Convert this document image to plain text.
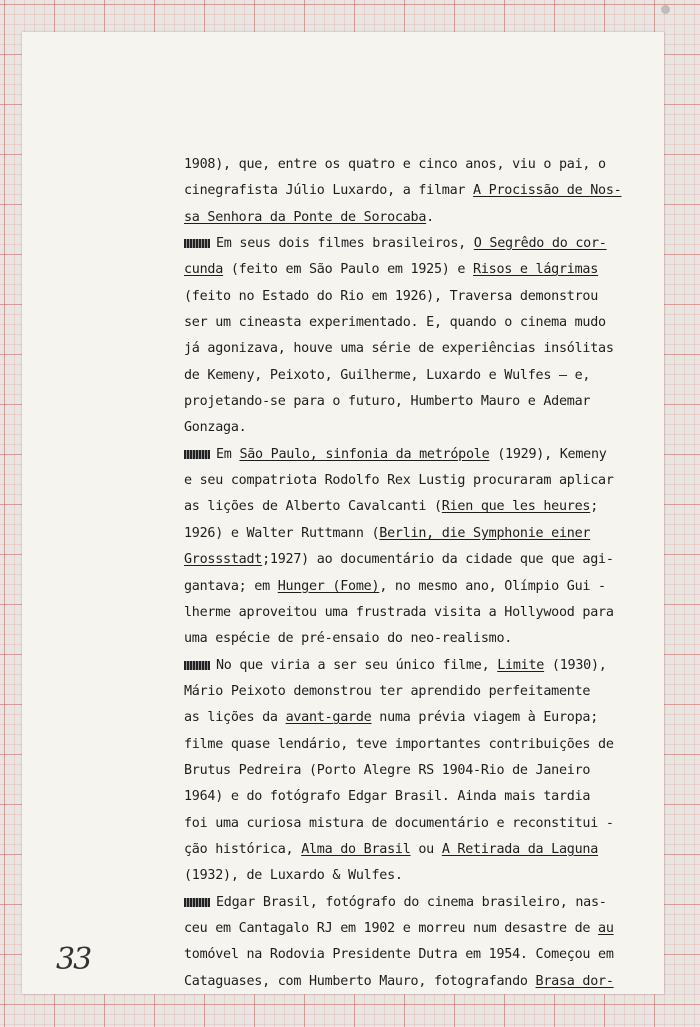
1908), que, entre os quatro e cinco anos, viu o pai, o
cinegrafista Júlio Luxardo, a filmar A Procissão de Nos-
sa Senhora da Ponte de Sorocaba.
Em seus dois filmes brasileiros, O Segrêdo do cor-
cunda (feito em São Paulo em 1925) e Risos e lágrimas
(feito no Estado do Rio em 1926), Traversa demonstrou
ser um cineasta experimentado. E, quando o cinema mudo
já agonizava, houve uma série de experiências insólitas
de Kemeny, Peixoto, Guilherme, Luxardo e Wulfes — e,
projetando-se para o futuro, Humberto Mauro e Ademar
Gonzaga.
Em São Paulo, sinfonia da metrópole (1929), Kemeny
e seu compatriota Rodolfo Rex Lustig procuraram aplicar
as lições de Alberto Cavalcanti (Rien que les heures;
1926) e Walter Ruttmann (Berlin, die Symphonie einer
Grossstadt;1927) ao documentário da cidade que que agi-
gantava; em Hunger (Fome), no mesmo ano, Olímpio Gui -
lherme aproveitou uma frustrada visita a Hollywood para
uma espécie de pré-ensaio do neo-realismo.
No que viria a ser seu único filme, Limite (1930),
Mário Peixoto demonstrou ter aprendido perfeitamente
as lições da avant-garde numa prévia viagem à Europa;
filme quase lendário, teve importantes contribuições de
Brutus Pedreira (Porto Alegre RS 1904-Rio de Janeiro
1964) e do fotógrafo Edgar Brasil. Ainda mais tardia
foi uma curiosa mistura de documentário e reconstitui -
ção histórica, Alma do Brasil ou A Retirada da Laguna
(1932), de Luxardo & Wulfes.
Edgar Brasil, fotógrafo do cinema brasileiro, nas-
ceu em Cantagalo RJ em 1902 e morreu num desastre de au
tomóvel na Rodovia Presidente Dutra em 1954. Começou em
Cataguases, com Humberto Mauro, fotografando Brasa dor-
33
